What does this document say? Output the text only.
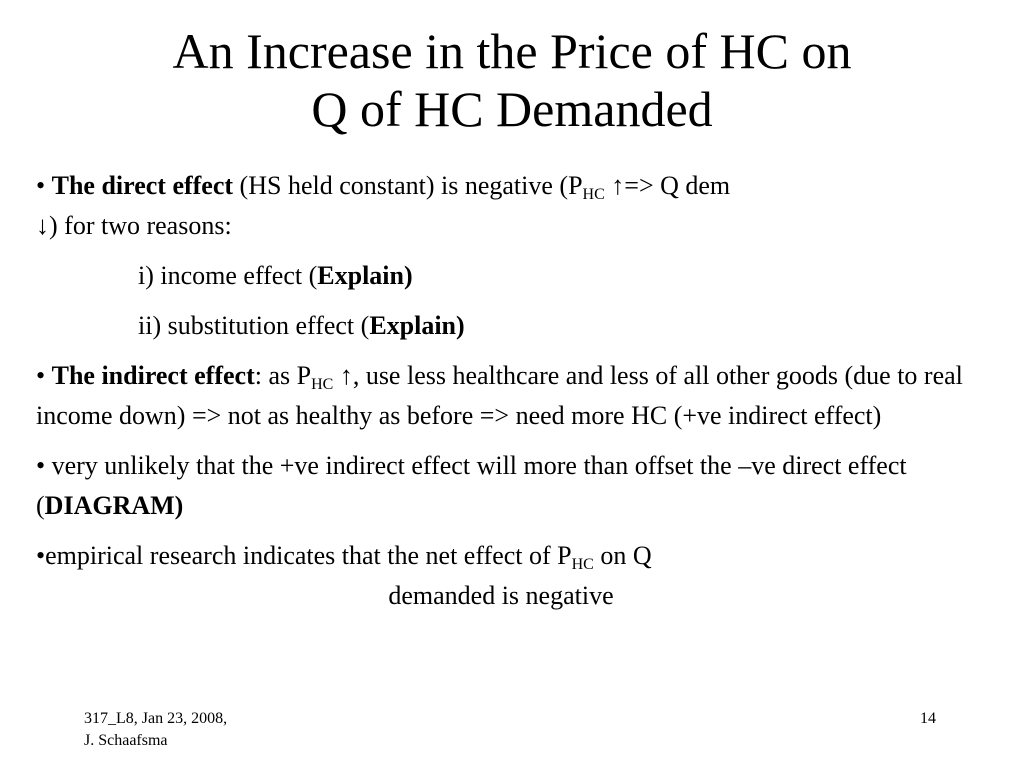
An Increase in the Price of HC on
Q of HC Demanded

• The direct effect (HS held constant) is negative ($P_{HC}$ ↑=> Q dem
↓) for two reasons:

i) income effect (Explain)

ii) substitution effect (Explain)

• The indirect effect: as $P_{HC}$ ↑, use less healthcare and less of all other goods (due to real income down) => not as healthy as before => need more HC (+ve indirect effect)

• very unlikely that the +ve indirect effect will more than offset the –ve direct effect (DIAGRAM)

•empirical research indicates that the net effect of $P_{HC}$ on Q
demanded is negative

317_L8, Jan 23, 2008,
J. Schaafsma
14
